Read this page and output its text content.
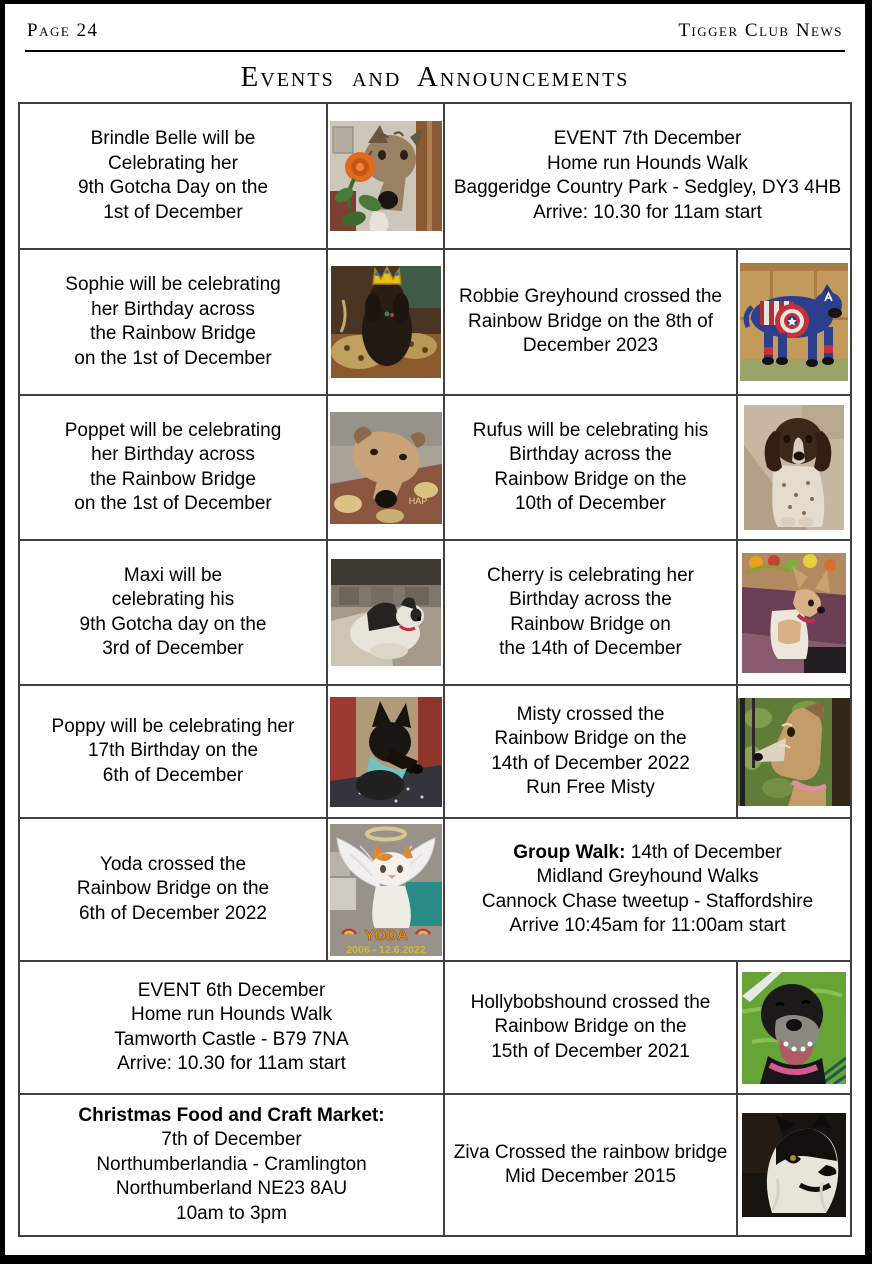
Page 24	Tigger Club News
Events and Announcements
Brindle Belle will be
Celebrating her
9th Gotcha Day on the
1st of December

EVENT 7th December
Home run Hounds Walk
Baggeridge Country Park - Sedgley, DY3 4HB
Arrive: 10.30 for 11am start

Sophie will be celebrating
her Birthday across
the Rainbow Bridge
on the 1st of December

Robbie Greyhound crossed the
Rainbow Bridge on the 8th of
December 2023

Poppet will be celebrating
her Birthday across
the Rainbow Bridge
on the 1st of December	HAP

Rufus will be celebrating his
Birthday across the
Rainbow Bridge on the
10th of December

Maxi will be
celebrating his
9th Gotcha day on the
3rd of December

Cherry is celebrating her
Birthday across the
Rainbow Bridge on
the 14th of December

Poppy will be celebrating her
17th Birthday on the
6th of December

Misty crossed the
Rainbow Bridge on the
14th of December 2022
Run Free Misty

Yoda crossed the
Rainbow Bridge on the
6th of December 2022

YODA
2006 - 12.6.2022

Group Walk: 14th of December
Midland Greyhound Walks
Cannock Chase tweetup - Staffordshire
Arrive 10:45am for 11:00am start

EVENT 6th December
Home run Hounds Walk
Tamworth Castle - B79 7NA
Arrive: 10.30 for 11am start

Hollybobshound crossed the
Rainbow Bridge on the
15th of December 2021

Christmas Food and Craft Market:
7th of December
Northumberlandia - Cramlington
Northumberland NE23 8AU
10am to 3pm

Ziva Crossed the rainbow bridge
Mid December 2015
